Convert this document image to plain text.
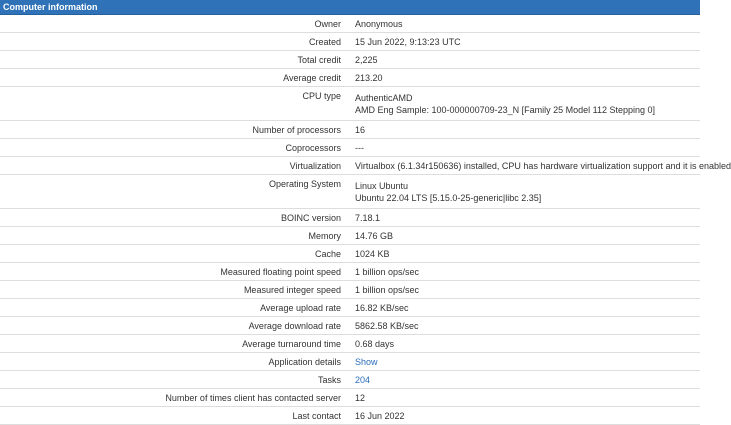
Computer information
Owner	Anonymous
Created	15 Jun 2022, 9:13:23 UTC
Total credit	2,225
Average credit	213.20
CPU type	AuthenticAMD
AMD Eng Sample: 100-000000709-23_N [Family 25 Model 112 Stepping 0]

Number of processors	16
Coprocessors	---
Virtualization	Virtualbox (6.1.34r150636) installed, CPU has hardware virtualization support and it is enabled
Operating System	Linux Ubuntu
Ubuntu 22.04 LTS [5.15.0-25-generic|libc 2.35]

BOINC version	7.18.1
Memory	14.76 GB
Cache	1024 KB
Measured floating point speed	1 billion ops/sec
Measured integer speed	1 billion ops/sec
Average upload rate	16.82 KB/sec
Average download rate	5862.58 KB/sec
Average turnaround time	0.68 days
Application details	Show
Tasks	204
Number of times client has contacted server	12
Last contact	16 Jun 2022
